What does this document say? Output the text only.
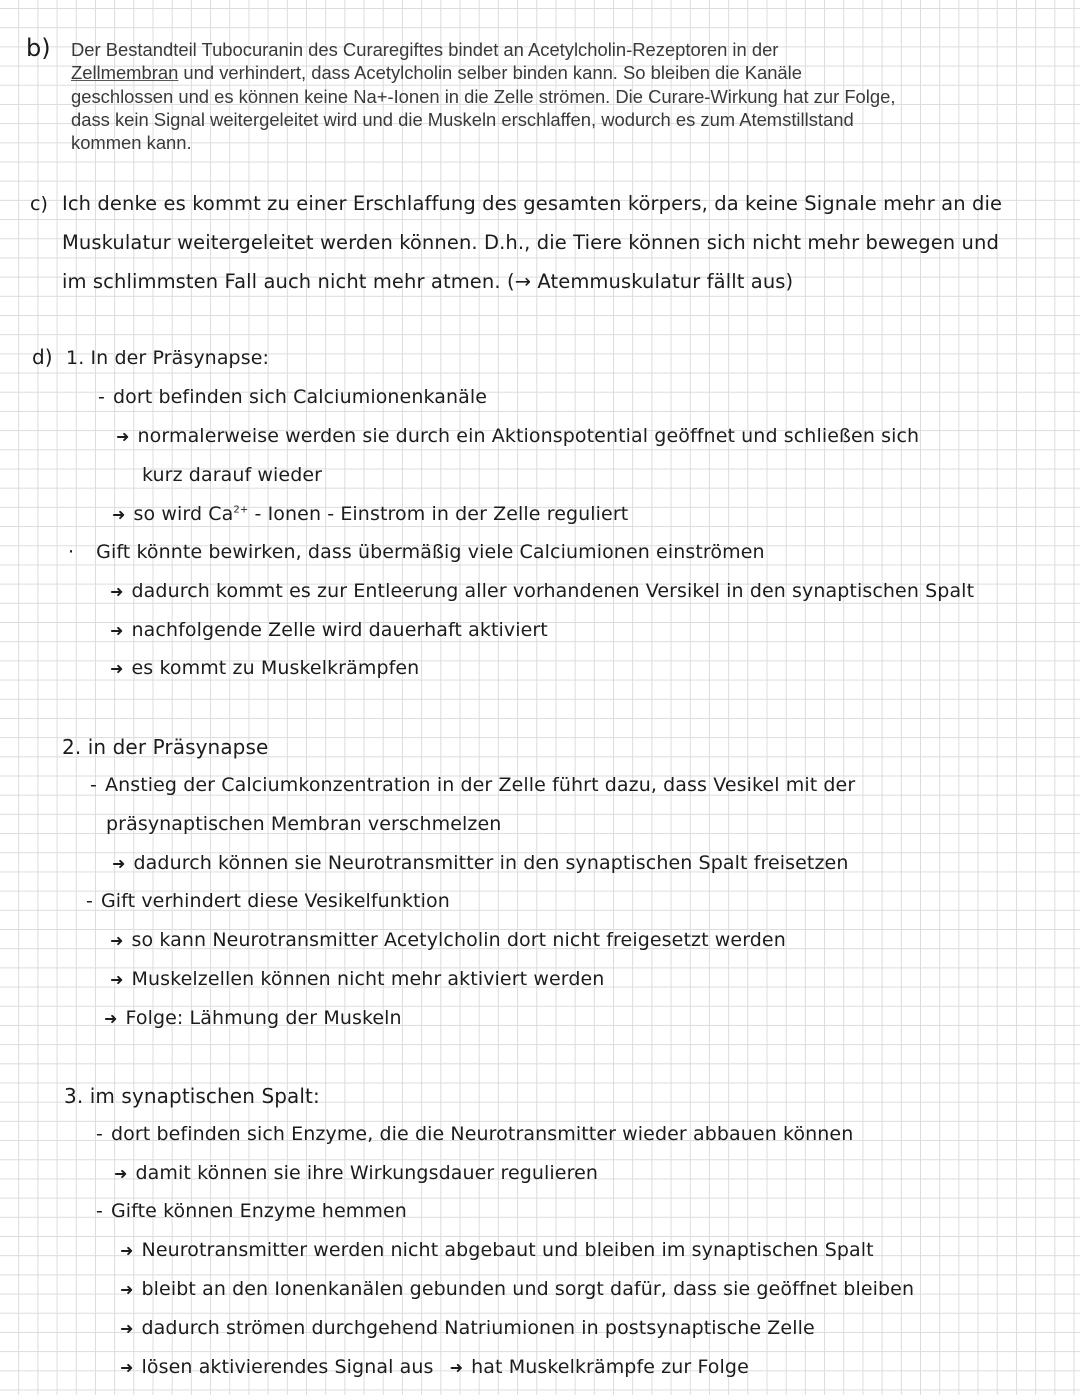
b) Der Bestandteil Tubocuranin des Curaregiftes bindet an Acetylcholin-Rezeptoren in der
Zellmembran und verhindert, dass Acetylcholin selber binden kann. So bleiben die Kanäle
geschlossen und es können keine Na+-Ionen in die Zelle strömen. Die Curare-Wirkung hat zur Folge,
dass kein Signal weitergeleitet wird und die Muskeln erschlaffen, wodurch es zum Atemstillstand
kommen kann.
c) Ich denke es kommt zu einer Erschlaffung des gesamten körpers, da keine Signale mehr an die
Muskulatur weitergeleitet werden können. D.h., die Tiere können sich nicht mehr bewegen und
im schlimmsten Fall auch nicht mehr atmen. (→ Atemmuskulatur fällt aus)
d) 1. In der Präsynapse:
- dort befinden sich Calciumionenkanäle
➜ normalerweise werden sie durch ein Aktionspotential geöffnet und schließen sich
kurz darauf wieder
➜ so wird $Ca^{2+}$ - Ionen - Einstrom in der Zelle reguliert
· Gift könnte bewirken, dass übermäßig viele Calciumionen einströmen
➜ dadurch kommt es zur Entleerung aller vorhandenen Versikel in den synaptischen Spalt
➜ nachfolgende Zelle wird dauerhaft aktiviert
➜ es kommt zu Muskelkrämpfen
2. in der Präsynapse
- Anstieg der Calciumkonzentration in der Zelle führt dazu, dass Vesikel mit der
präsynaptischen Membran verschmelzen
➜ dadurch können sie Neurotransmitter in den synaptischen Spalt freisetzen
- Gift verhindert diese Vesikelfunktion
➜ so kann Neurotransmitter Acetylcholin dort nicht freigesetzt werden
➜ Muskelzellen können nicht mehr aktiviert werden
➜ Folge: Lähmung der Muskeln
3. im synaptischen Spalt:
- dort befinden sich Enzyme, die die Neurotransmitter wieder abbauen können
➜ damit können sie ihre Wirkungsdauer regulieren
- Gifte können Enzyme hemmen
➜ Neurotransmitter werden nicht abgebaut und bleiben im synaptischen Spalt
➜ bleibt an den Ionenkanälen gebunden und sorgt dafür, dass sie geöffnet bleiben
➜ dadurch strömen durchgehend Natriumionen in postsynaptische Zelle
➜ lösen aktivierendes Signal aus ➜ hat Muskelkrämpfe zur Folge
